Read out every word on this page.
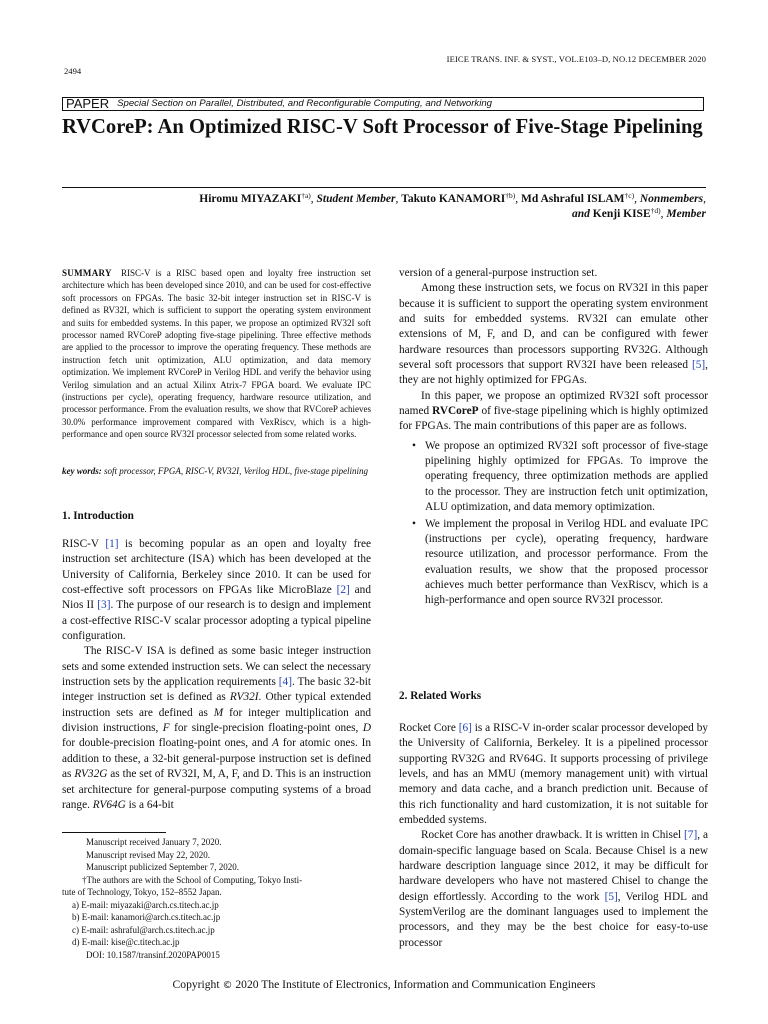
IEICE TRANS. INF. & SYST., VOL.E103–D, NO.12 DECEMBER 2020
2494
PAPER Special Section on Parallel, Distributed, and Reconfigurable Computing, and Networking
RVCoreP: An Optimized RISC-V Soft Processor of Five-Stage Pipelining
Hiromu MIYAZAKI$^{\dagger a)}$, Student Member, Takuto KANAMORI$^{\dagger b)}$, Md Ashraful ISLAM$^{\dagger c)}$, Nonmembers,
and Kenji KISE$^{\dagger d)}$, Member
SUMMARY RISC-V is a RISC based open and loyalty free instruction set architecture which has been developed since 2010, and can be used for cost-effective soft processors on FPGAs. The basic 32-bit integer instruction set in RISC-V is defined as RV32I, which is sufficient to support the operating system environment and suits for embedded systems. In this paper, we propose an optimized RV32I soft processor named RVCoreP adopting five-stage pipelining. Three effective methods are applied to the processor to improve the operating frequency. These methods are instruction fetch unit optimization, ALU optimization, and data memory optimization. We implement RVCoreP in Verilog HDL and verify the behavior using Verilog simulation and an actual Xilinx Atrix-7 FPGA board. We evaluate IPC (instructions per cycle), operating frequency, hardware resource utilization, and processor performance. From the evaluation results, we show that RVCoreP achieves 30.0% performance improvement compared with VexRiscv, which is a high-performance and open source RV32I processor selected from some related works.
key words: soft processor, FPGA, RISC-V, RV32I, Verilog HDL, five-stage pipelining
1. Introduction

RISC-V [1] is becoming popular as an open and loyalty free instruction set architecture (ISA) which has been developed at the University of California, Berkeley since 2010. It can be used for cost-effective soft processors on FPGAs like MicroBlaze [2] and Nios II [3]. The purpose of our research is to design and implement a cost-effective RISC-V scalar processor adopting a typical pipeline configuration.

The RISC-V ISA is defined as some basic integer instruction sets and some extended instruction sets. We can select the necessary instruction sets by the application requirements [4]. The basic 32-bit integer instruction set is defined as RV32I. Other typical extended instruction sets are defined as M for integer multiplication and division instructions, F for single-precision floating-point ones, D for double-precision floating-point ones, and A for atomic ones. In addition to these, a 32-bit general-purpose instruction set is defined as RV32G as the set of RV32I, M, A, F, and D. This is an instruction set architecture for general-purpose computing systems of a broad range. RV64G is a 64-bit

Manuscript received January 7, 2020.
Manuscript revised May 22, 2020.
Manuscript publicized September 7, 2020.
†The authors are with the School of Computing, Tokyo Insti-
tute of Technology, Tokyo, 152–8552 Japan.
a) E-mail: miyazaki@arch.cs.titech.ac.jp
b) E-mail: kanamori@arch.cs.titech.ac.jp
c) E-mail: ashraful@arch.cs.titech.ac.jp
d) E-mail: kise@c.titech.ac.jp
DOI: 10.1587/transinf.2020PAP0015

version of a general-purpose instruction set.

Among these instruction sets, we focus on RV32I in this paper because it is sufficient to support the operating system environment and suits for embedded systems. RV32I can emulate other extensions of M, F, and D, and can be configured with fewer hardware resources than processors supporting RV32G. Although several soft processors that support RV32I have been released [5], they are not highly optimized for FPGAs.

In this paper, we propose an optimized RV32I soft processor named RVCoreP of five-stage pipelining which is highly optimized for FPGAs. The main contributions of this paper are as follows.

• We propose an optimized RV32I soft processor of five-stage pipelining highly optimized for FPGAs. To improve the operating frequency, three optimization methods are applied to the processor. They are instruction fetch unit optimization, ALU optimization, and data memory optimization.
• We implement the proposal in Verilog HDL and evaluate IPC (instructions per cycle), operating frequency, hardware resource utilization, and processor performance. From the evaluation results, we show that the proposed processor achieves much better performance than VexRiscv, which is a high-performance and open source RV32I processor.
2. Related Works

Rocket Core [6] is a RISC-V in-order scalar processor developed by the University of California, Berkeley. It is a pipelined processor supporting RV32G and RV64G. It supports processing of privilege levels, and has an MMU (memory management unit) with virtual memory and data cache, and a branch prediction unit. Because of this rich functionality and hard customization, it is not suitable for embedded systems.

Rocket Core has another drawback. It is written in Chisel [7], a domain-specific language based on Scala. Because Chisel is a new hardware description language since 2012, it may be difficult for hardware developers who have not mastered Chisel to change the design effortlessly. According to the work [5], Verilog HDL and SystemVerilog are the dominant languages used to implement the processors, and they may be the best choice for easy-to-use processor

Copyright © 2020 The Institute of Electronics, Information and Communication Engineers
